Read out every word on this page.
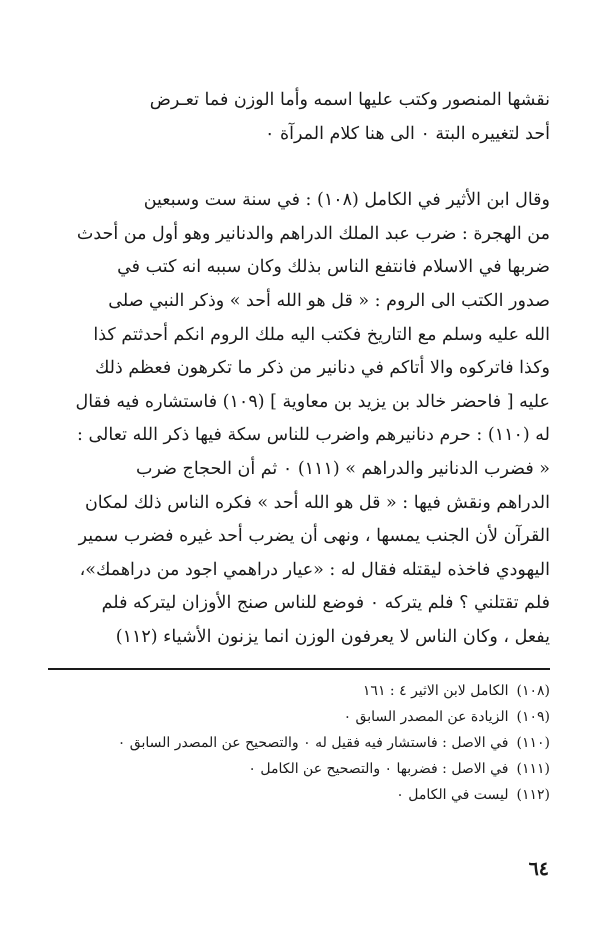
نقشها المنصور وكتب عليها اسمه وأما الوزن فما تعـرض
أحد لتغييره البتة ٠ الى هنا كلام المرآة ٠

وقال ابن الأثير في الكامل (١٠٨) : في سنة ست وسبعين
من الهجرة : ضرب عبد الملك الدراهم والدنانير وهو أول من أحدث
ضربها في الاسلام فانتفع الناس بذلك وكان سببه انه كتب في
صدور الكتب الى الروم : « قل هو الله أحد » وذكر النبي صلى
الله عليه وسلم مع التاريخ فكتب اليه ملك الروم انكم أحدثتم كذا
وكذا فاتركوه والا أتاكم في دنانير من ذكر ما تكرهون فعظم ذلك
عليه [ فاحضر خالد بن يزيد بن معاوية ] (١٠٩) فاستشاره فيه فقال
له (١١٠) : حرم دنانيرهم واضرب للناس سكة فيها ذكر الله تعالى :
« فضرب الدنانير والدراهم » (١١١) ٠ ثم أن الحجاج ضرب
الدراهم ونقش فيها : « قل هو الله أحد » فكره الناس ذلك لمكان
القرآن لأن الجنب يمسها ، ونهى أن يضرب أحد غيره فضرب سمير
اليهودي فاخذه ليقتله فقال له : «عيار دراهمي اجود من دراهمك»،
فلم تقتلني ؟ فلم يتركه ٠ فوضع للناس صنج الأوزان ليتركه فلم
يفعل ، وكان الناس لا يعرفون الوزن انما يزنون الأشياء (١١٢)

(١٠٨)
الكامل لابن الاثير ٤ : ١٦١
(١٠٩)
الزيادة عن المصدر السابق ٠
(١١٠)
في الاصل : فاستشار فيه فقيل له ٠ والتصحيح عن المصدر السابق ٠
(١١١)
في الاصل : فضربها ٠ والتصحيح عن الكامل ٠
(١١٢)
ليست في الكامل ٠
٦٤
